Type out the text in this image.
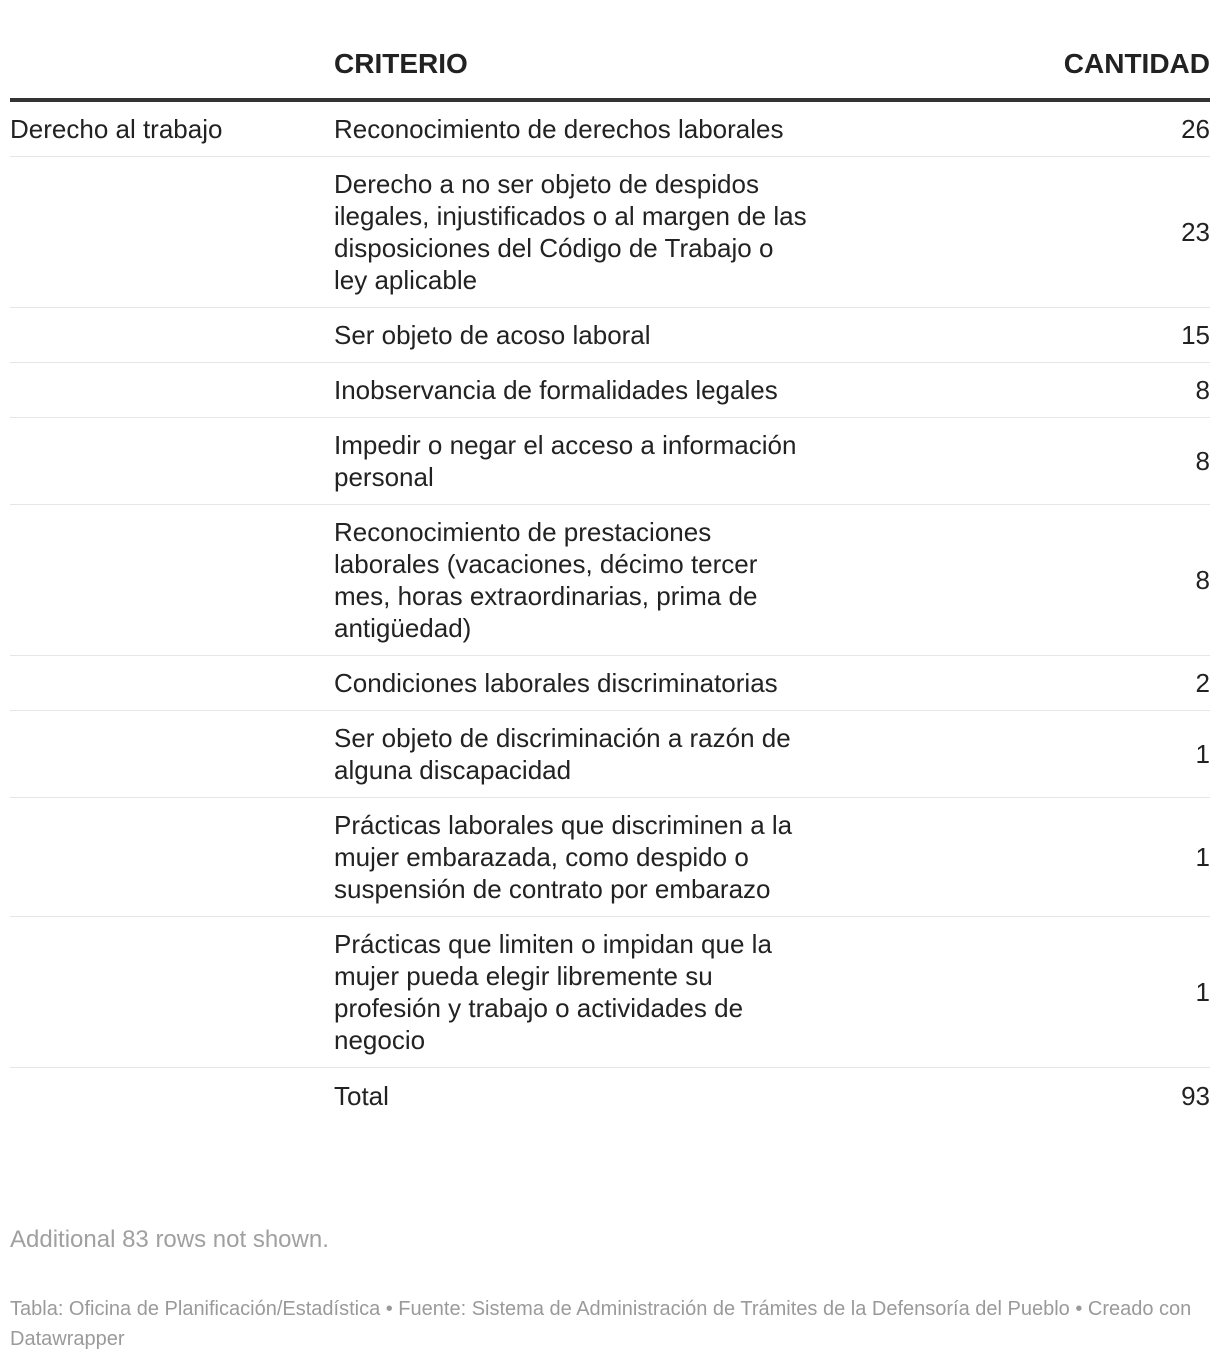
	CRITERIO	CANTIDAD
Derecho al trabajo	Reconocimiento de derechos laborales	26

	Derecho a no ser objeto de despidos ilegales, injustificados o al margen de las disposiciones del Código de Trabajo o ley aplicable	23

	Ser objeto de acoso laboral	15

	Inobservancia de formalidades legales	8

	Impedir o negar el acceso a información personal	8

	Reconocimiento de prestaciones laborales (vacaciones, décimo tercer mes, horas extraordinarias, prima de antigüedad)	8

	Condiciones laborales discriminatorias	2

	Ser objeto de discriminación a razón de alguna discapacidad	1

	Prácticas laborales que discriminen a la mujer embarazada, como despido o suspensión de contrato por embarazo	1

	Prácticas que limiten o impidan que la mujer pueda elegir libremente su profesión y trabajo o actividades de negocio	1

	Total	93
Additional 83 rows not shown.
Tabla: Oficina de Planificación/Estadística • Fuente: Sistema de Administración de Trámites de la Defensoría del Pueblo • Creado con Datawrapper
